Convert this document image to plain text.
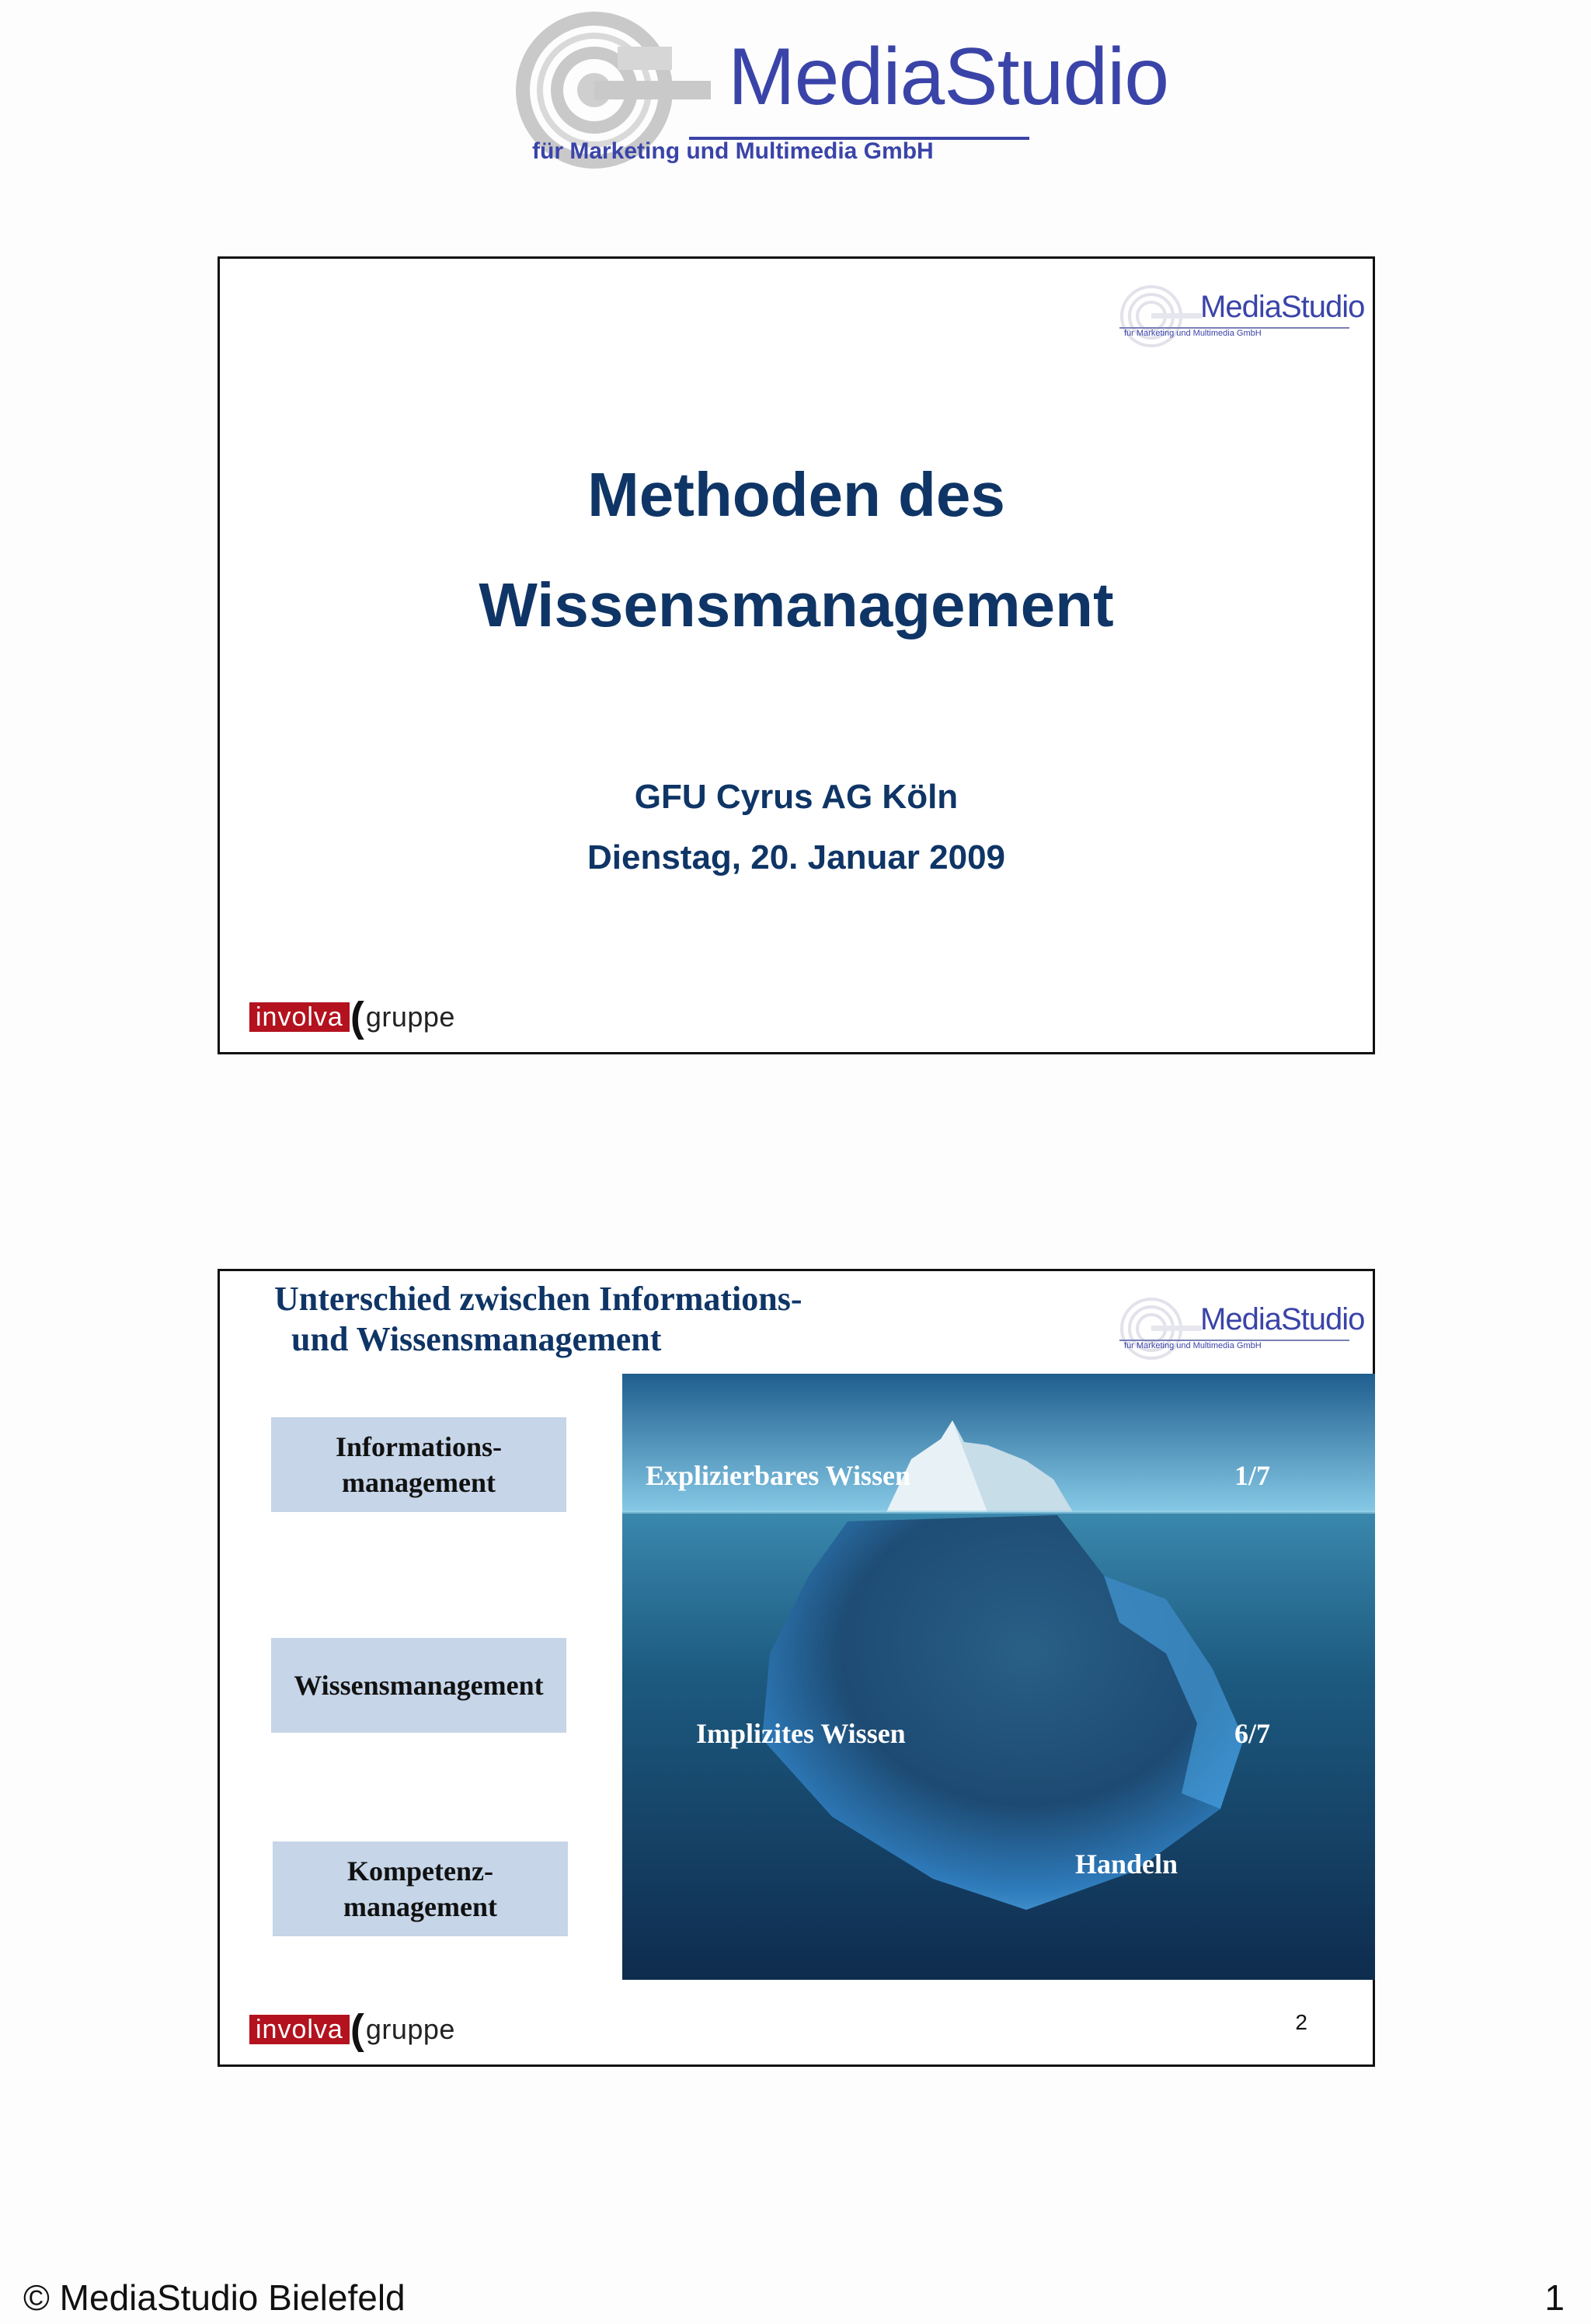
MediaStudio
für Marketing und Multimedia GmbH
MediaStudio
für Marketing und Multimedia GmbH
Methoden des
Wissensmanagement
GFU Cyrus AG Köln
Dienstag, 20. Januar 2009
involva ( gruppe
Unterschied zwischen Informations-
und Wissensmanagement
MediaStudio
für Marketing und Multimedia GmbH
Informations-
management
Wissensmanagement
Kompetenz-
management
Explizierbares Wissen	1/7
Implizites Wissen	6/7
Handeln
involva ( gruppe	2
© MediaStudio Bielefeld	1
